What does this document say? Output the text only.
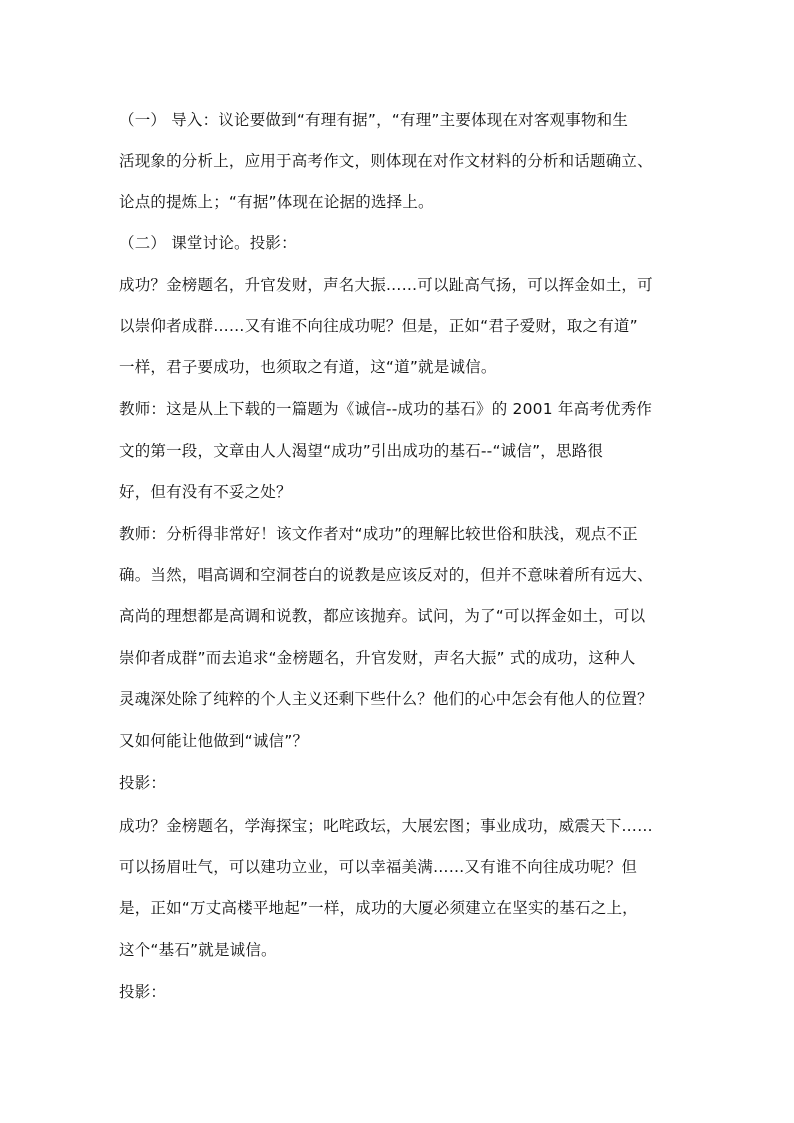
（一） 导入：议论要做到“有理有据”，“有理”主要体现在对客观事物和生
活现象的分析上，应用于高考作文，则体现在对作文材料的分析和话题确立、
论点的提炼上；“有据”体现在论据的选择上。
（二） 课堂讨论。投影：
成功？金榜题名，升官发财，声名大振……可以趾高气扬，可以挥金如土，可
以崇仰者成群……又有谁不向往成功呢？但是，正如“君子爱财，取之有道”
一样，君子要成功，也须取之有道，这“道”就是诚信。
教师：这是从上下载的一篇题为《诚信--成功的基石》的 2001 年高考优秀作
文的第一段，文章由人人渴望“成功”引出成功的基石--“诚信”，思路很
好，但有没有不妥之处？
教师：分析得非常好！该文作者对“成功”的理解比较世俗和肤浅，观点不正
确。当然，唱高调和空洞苍白的说教是应该反对的，但并不意味着所有远大、
高尚的理想都是高调和说教，都应该抛弃。试问，为了“可以挥金如土，可以
崇仰者成群”而去追求“金榜题名，升官发财，声名大振” 式的成功，这种人
灵魂深处除了纯粹的个人主义还剩下些什么？他们的心中怎会有他人的位置？
又如何能让他做到“诚信”？
投影：
成功？金榜题名，学海探宝；叱咤政坛，大展宏图；事业成功，威震天下……
可以扬眉吐气，可以建功立业，可以幸福美满……又有谁不向往成功呢？但
是，正如“万丈高楼平地起”一样，成功的大厦必须建立在坚实的基石之上，
这个“基石”就是诚信。
投影：
